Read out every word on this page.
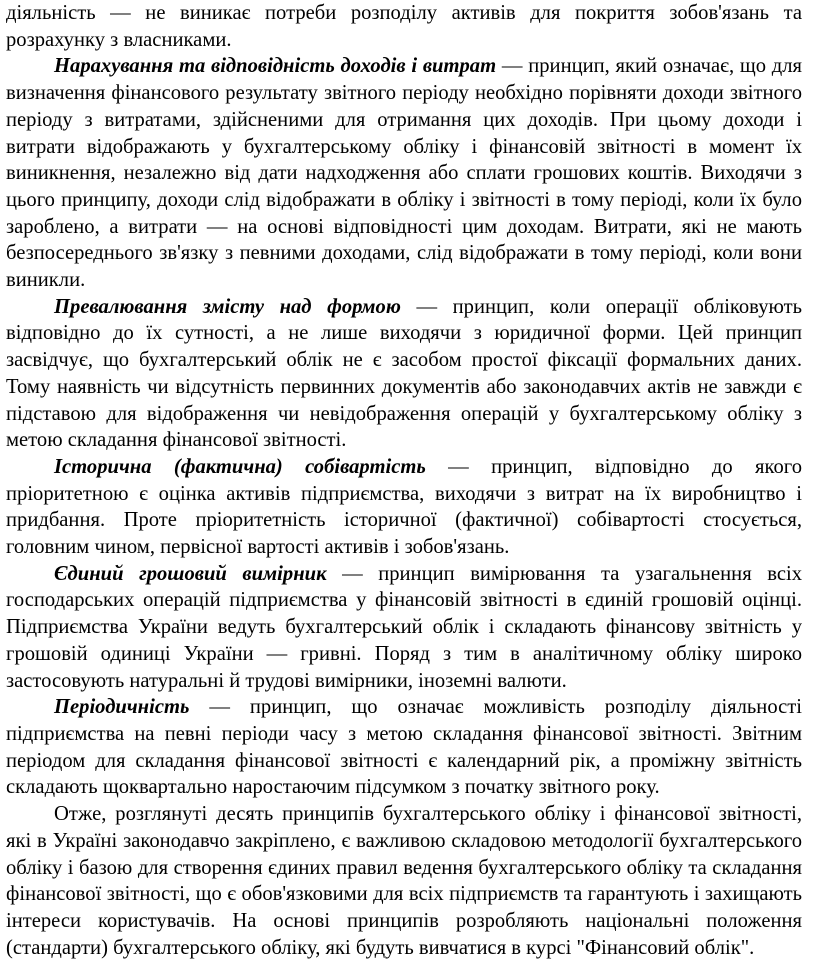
діяльність — не виникає потреби розподілу активів для покриття зобов'язань та розрахунку з власниками.

Нарахування та відповідність доходів і витрат — принцип, який означає, що для визначення фінансового результату звітного періоду необхідно порівняти доходи звітного періоду з витратами, здійсненими для отримання цих доходів. При цьому доходи і витрати відображають у бухгалтерському обліку і фінансовій звітності в момент їх виникнення, незалежно від дати надходження або сплати грошових коштів. Виходячи з цього принципу, доходи слід відображати в обліку і звітності в тому періоді, коли їх було зароблено, а витрати — на основі відповідності цим доходам. Витрати, які не мають безпосереднього зв'язку з певними доходами, слід відображати в тому періоді, коли вони виникли.

Превалювання змісту над формою — принцип, коли операції обліковують відповідно до їх сутності, а не лише виходячи з юридичної форми. Цей принцип засвідчує, що бухгалтерський облік не є засобом простої фіксації формальних даних. Тому наявність чи відсутність первинних документів або законодавчих актів не завжди є підставою для відображення чи невідображення операцій у бухгалтерському обліку з метою складання фінансової звітності.

Історична (фактична) собівартість — принцип, відповідно до якого пріоритетною є оцінка активів підприємства, виходячи з витрат на їх виробництво і придбання. Проте пріоритетність історичної (фактичної) собівартості стосується, головним чином, первісної вартості активів і зобов'язань.

Єдиний грошовий вимірник — принцип вимірювання та узагальнення всіх господарських операцій підприємства у фінансовій звітності в єдиній грошовій оцінці. Підприємства України ведуть бухгалтерський облік і складають фінансову звітність у грошовій одиниці України — гривні. Поряд з тим в аналітичному обліку широко застосовують натуральні й трудові вимірники, іноземні валюти.

Періодичність — принцип, що означає можливість розподілу діяльності підприємства на певні періоди часу з метою складання фінансової звітності. Звітним періодом для складання фінансової звітності є календарний рік, а проміжну звітність складають щоквартально наростаючим підсумком з початку звітного року.

Отже, розглянуті десять принципів бухгалтерського обліку і фінансової звітності, які в Україні законодавчо закріплено, є важливою складовою методології бухгалтерського обліку і базою для створення єдиних правил ведення бухгалтерського обліку та складання фінансової звітності, що є обов'язковими для всіх підприємств та гарантують і захищають інтереси користувачів. На основі принципів розробляють національні положення (стандарти) бухгалтерського обліку, які будуть вивчатися в курсі "Фінансовий облік".
